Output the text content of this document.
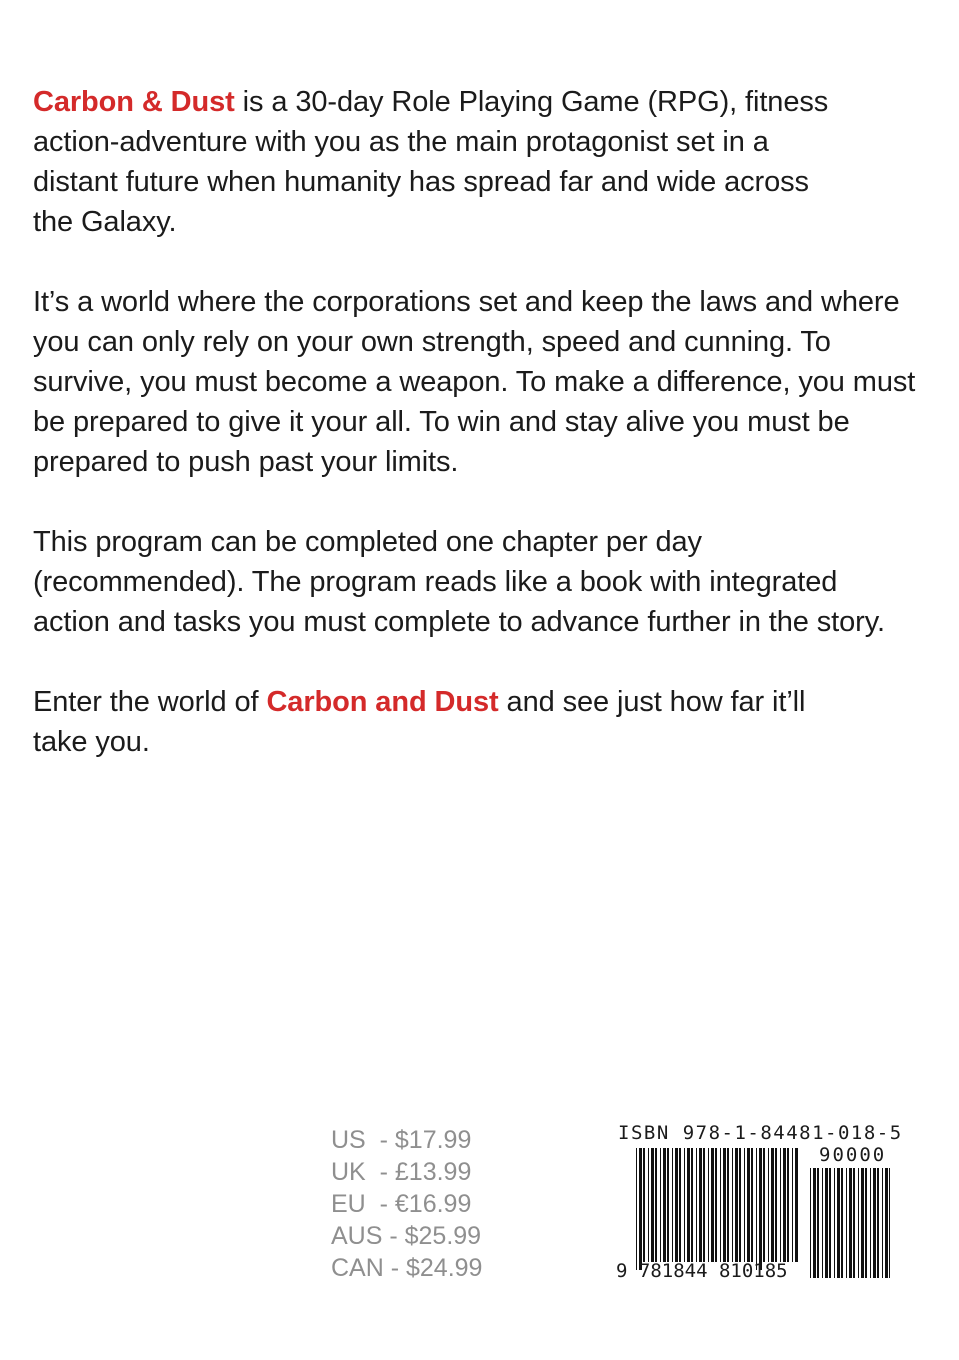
Carbon & Dust is a 30-day Role Playing Game (RPG), fitness action-adventure with you as the main protagonist set in a distant future when humanity has spread far and wide across the Galaxy.

It’s a world where the corporations set and keep the laws and where you can only rely on your own strength, speed and cunning. To survive, you must become a weapon. To make a difference, you must be prepared to give it your all. To win and stay alive you must be prepared to push past your limits.

This program can be completed one chapter per day (recommended). The program reads like a book with integrated action and tasks you must complete to advance further in the story.

Enter the world of Carbon and Dust and see just how far it’ll take you.

US  - $17.99
UK  - £13.99
EU  - €16.99
AUS - $25.99
CAN - $24.99
ISBN 978-1-84481-018-5
90000
9 781844 810185
